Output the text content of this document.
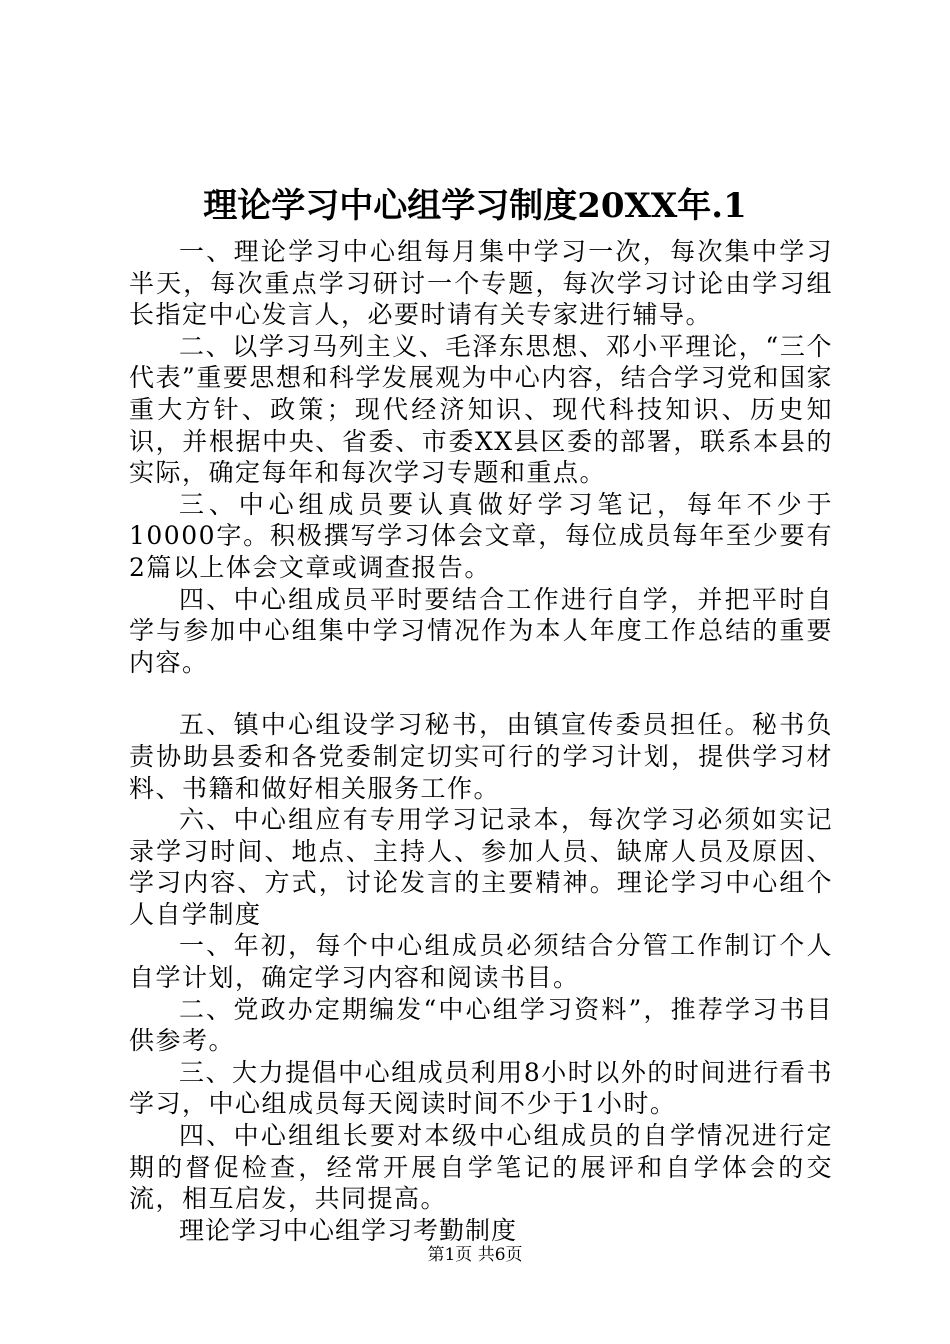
理论学习中心组学习制度20XX年.1

一、理论学习中心组每月集中学习一次，每次集中学习半天，每次重点学习研讨一个专题，每次学习讨论由学习组长指定中心发言人，必要时请有关专家进行辅导。

二、以学习马列主义、毛泽东思想、邓小平理论，“三个代表”重要思想和科学发展观为中心内容，结合学习党和国家重大方针、政策；现代经济知识、现代科技知识、历史知识，并根据中央、省委、市委XX县区委的部署，联系本县的实际，确定每年和每次学习专题和重点。

三、中心组成员要认真做好学习笔记，每年不少于10000字。积极撰写学习体会文章，每位成员每年至少要有2篇以上体会文章或调查报告。

四、中心组成员平时要结合工作进行自学，并把平时自学与参加中心组集中学习情况作为本人年度工作总结的重要内容。

五、镇中心组设学习秘书，由镇宣传委员担任。秘书负责协助县委和各党委制定切实可行的学习计划，提供学习材料、书籍和做好相关服务工作。

六、中心组应有专用学习记录本，每次学习必须如实记录学习时间、地点、主持人、参加人员、缺席人员及原因、学习内容、方式，讨论发言的主要精神。理论学习中心组个人自学制度

一、年初，每个中心组成员必须结合分管工作制订个人自学计划，确定学习内容和阅读书目。

二、党政办定期编发“中心组学习资料”，推荐学习书目供参考。

三、大力提倡中心组成员利用8小时以外的时间进行看书学习，中心组成员每天阅读时间不少于1小时。

四、中心组组长要对本级中心组成员的自学情况进行定期的督促检查，经常开展自学笔记的展评和自学体会的交流，相互启发，共同提高。

理论学习中心组学习考勤制度

第1页 共6页
